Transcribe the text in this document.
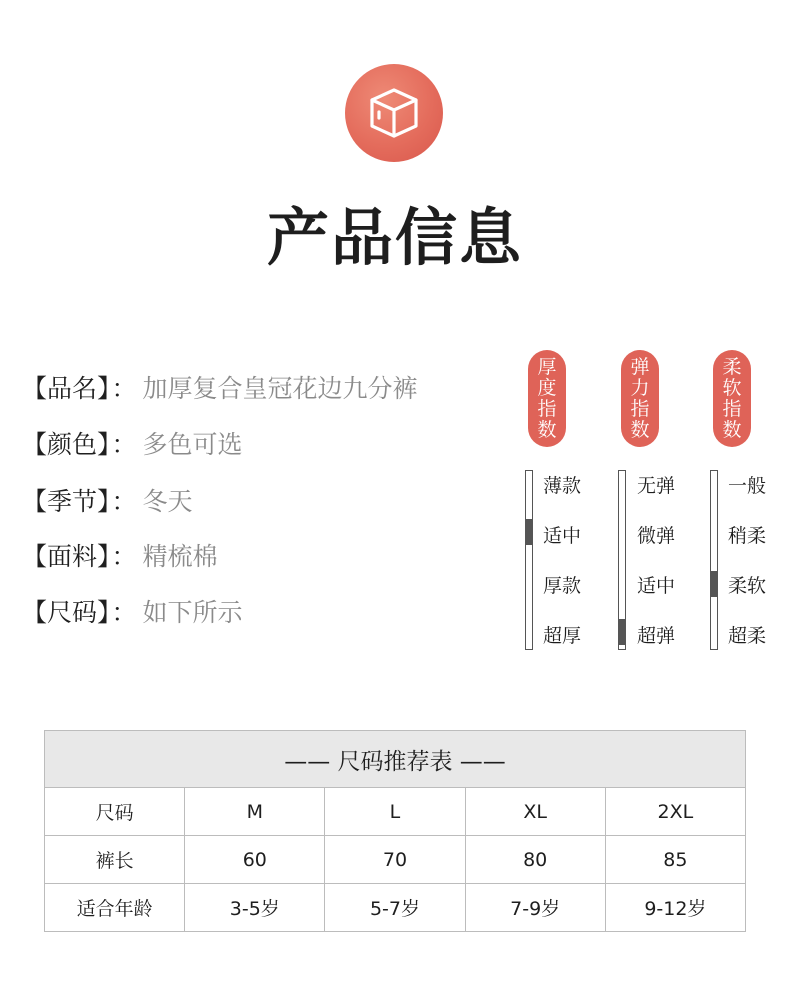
产品信息
【品名】： 加厚复合皇冠花边九分裤
【颜色】： 多色可选
【季节】： 冬天
【面料】： 精梳棉
【尺码】： 如下所示
厚
度
指
数
薄款
适中
厚款
超厚
弹
力
指
数
无弹
微弹
适中
超弹
柔
软
指
数
一般
稍柔
柔软
超柔
—— 尺码推荐表 ——				
尺码	M	L	XL	2XL
裤长	60	70	80	85
适合年龄	3-5岁	5-7岁	7-9岁	9-12岁
